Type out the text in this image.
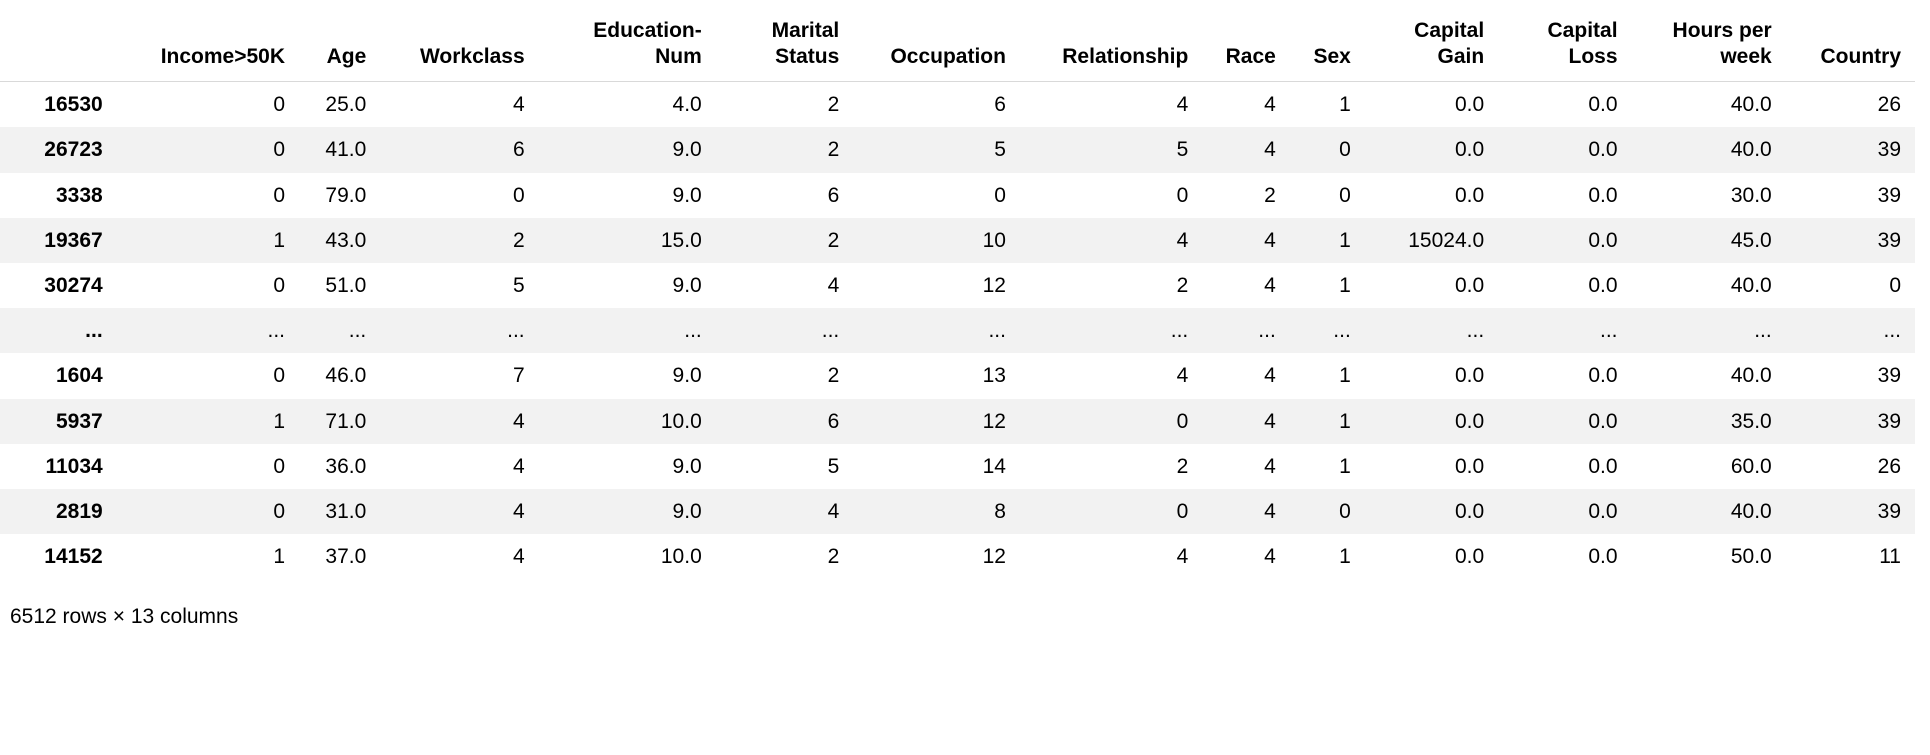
	Income>50K	Age	Workclass	Education-Num	Marital Status	Occupation	Relationship	Race	Sex	Capital Gain	Capital Loss	Hours per week	Country
16530	0	25.0	4	4.0	2	6	4	4	1	0.0	0.0	40.0	26
26723	0	41.0	6	9.0	2	5	5	4	0	0.0	0.0	40.0	39
3338	0	79.0	0	9.0	6	0	0	2	0	0.0	0.0	30.0	39
19367	1	43.0	2	15.0	2	10	4	4	1	15024.0	0.0	45.0	39
30274	0	51.0	5	9.0	4	12	2	4	1	0.0	0.0	40.0	0
...	...	...	...	...	...	...	...	...	...	...	...	...	...
1604	0	46.0	7	9.0	2	13	4	4	1	0.0	0.0	40.0	39
5937	1	71.0	4	10.0	6	12	0	4	1	0.0	0.0	35.0	39
11034	0	36.0	4	9.0	5	14	2	4	1	0.0	0.0	60.0	26
2819	0	31.0	4	9.0	4	8	0	4	0	0.0	0.0	40.0	39
14152	1	37.0	4	10.0	2	12	4	4	1	0.0	0.0	50.0	11
6512 rows × 13 columns
